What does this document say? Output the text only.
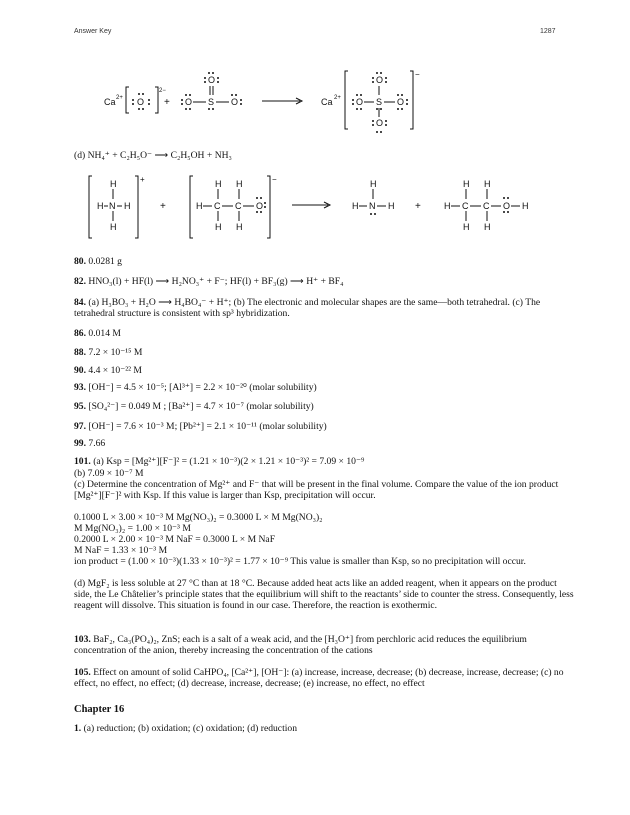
Answer Key	1287
Ca 2+ O
2−
+ O S O
O
Ca 2+ O S O
O
−
O
(d) NH₄⁺ + C₂H₅O⁻ ⟶ C₂H₅OH + NH₃
+
H N H
H
H
+
−
H C C O
H H
H H
H N H
H
+	H C C O H
H H
H H
80. 0.0281 g
82. HNO₃(l) + HF(l) ⟶ H₂NO₃⁺ + F⁻; HF(l) + BF₃(g) ⟶ H⁺ + BF₄
84. (a) H₃BO₃ + H₂O ⟶ H₄BO₄⁻ + H⁺; (b) The electronic and molecular shapes are the same—both tetrahedral. (c) The tetrahedral structure is consistent with sp³ hybridization.
86. 0.014 M
88. 7.2 × 10⁻¹⁵ M
90. 4.4 × 10⁻²² M
93. [OH⁻] = 4.5 × 10⁻⁵; [Al³⁺] = 2.2 × 10⁻²⁰ (molar solubility)
95. [SO₄²⁻] = 0.049 M ; [Ba²⁺] = 4.7 × 10⁻⁷ (molar solubility)
97. [OH⁻] = 7.6 × 10⁻³ M; [Pb²⁺] = 2.1 × 10⁻¹¹ (molar solubility)
99. 7.66
101. (a) Ksp = [Mg²⁺][F⁻]² = (1.21 × 10⁻³)(2 × 1.21 × 10⁻³)² = 7.09 × 10⁻⁹
(b) 7.09 × 10⁻⁷ M
(c) Determine the concentration of Mg²⁺ and F⁻ that will be present in the final volume. Compare the value of the ion product [Mg²⁺][F⁻]² with Ksp. If this value is larger than Ksp, precipitation will occur.
0.1000 L × 3.00 × 10⁻³ M Mg(NO₃)₂ = 0.3000 L × M Mg(NO₃)₂
M Mg(NO₃)₂ = 1.00 × 10⁻³ M
0.2000 L × 2.00 × 10⁻³ M NaF = 0.3000 L × M NaF
M NaF = 1.33 × 10⁻³ M
ion product = (1.00 × 10⁻³)(1.33 × 10⁻³)² = 1.77 × 10⁻⁹ This value is smaller than Ksp, so no precipitation will occur.
(d) MgF₂ is less soluble at 27 °C than at 18 °C. Because added heat acts like an added reagent, when it appears on the product side, the Le Châtelier’s principle states that the equilibrium will shift to the reactants’ side to counter the stress. Consequently, less reagent will dissolve. This situation is found in our case. Therefore, the reaction is exothermic.
103. BaF₂, Ca₃(PO₄)₂, ZnS; each is a salt of a weak acid, and the [H₃O⁺] from perchloric acid reduces the equilibrium concentration of the anion, thereby increasing the concentration of the cations
105. Effect on amount of solid CaHPO₄, [Ca²⁺], [OH⁻]: (a) increase, increase, decrease; (b) decrease, increase, decrease; (c) no effect, no effect, no effect; (d) decrease, increase, decrease; (e) increase, no effect, no effect
Chapter 16
1. (a) reduction; (b) oxidation; (c) oxidation; (d) reduction
